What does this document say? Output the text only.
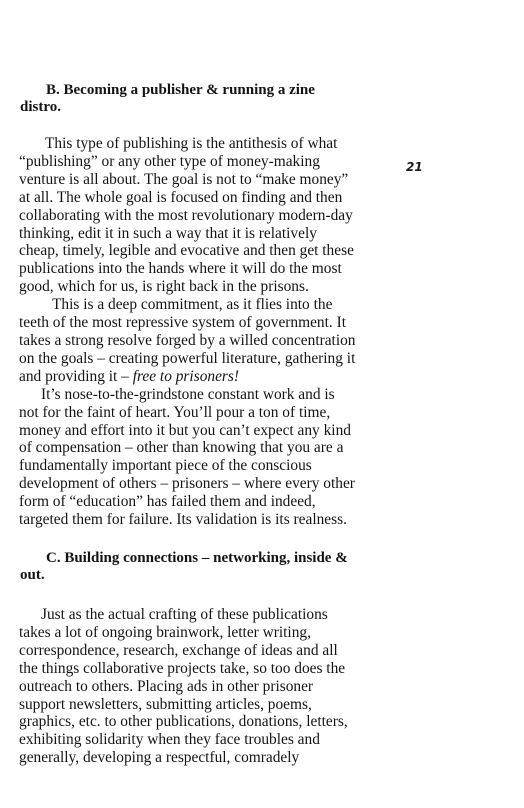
21
B. Becoming a publisher & running a zine
distro.
This type of publishing is the antithesis of what
“publishing” or any other type of money-making
venture is all about. The goal is not to “make money”
at all. The whole goal is focused on finding and then
collaborating with the most revolutionary modern-day
thinking, edit it in such a way that it is relatively
cheap, timely, legible and evocative and then get these
publications into the hands where it will do the most
good, which for us, is right back in the prisons.
This is a deep commitment, as it flies into the
teeth of the most repressive system of government. It
takes a strong resolve forged by a willed concentration
on the goals – creating powerful literature, gathering it
and providing it – free to prisoners!
It’s nose-to-the-grindstone constant work and is
not for the faint of heart. You’ll pour a ton of time,
money and effort into it but you can’t expect any kind
of compensation – other than knowing that you are a
fundamentally important piece of the conscious
development of others – prisoners – where every other
form of “education” has failed them and indeed,
targeted them for failure. Its validation is its realness.
C. Building connections – networking, inside &
out.
Just as the actual crafting of these publications
takes a lot of ongoing brainwork, letter writing,
correspondence, research, exchange of ideas and all
the things collaborative projects take, so too does the
outreach to others. Placing ads in other prisoner
support newsletters, submitting articles, poems,
graphics, etc. to other publications, donations, letters,
exhibiting solidarity when they face troubles and
generally, developing a respectful, comradely
